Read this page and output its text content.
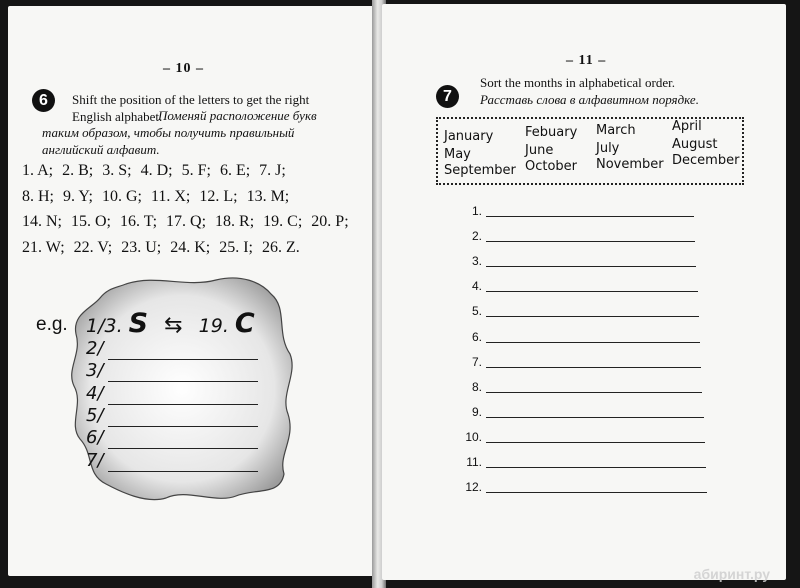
– 10 –
6	Shift the position of the letters to get the right English alphabet.
Поменяй расположение букв таким образом, чтобы получить правильный английский алфавит.
1. A; 2. B; 3. S; 4. D; 5. F; 6. E; 7. J;
8. H; 9. Y; 10. G; 11. X; 12. L; 13. M;
14. N; 15. O; 16. T; 17. Q; 18. R; 19. C; 20. P;
21. W; 22. V; 23. U; 24. K; 25. I; 26. Z.
e.g. 1/3. S ⇆ 19. C
2/
3/
4/
5/
6/
7/
– 11 –
7
Sort the months in alphabetical order.
Расставь слова в алфавитном порядке.
1.
2.
3.
4.
5.
6.
7.
8.
9.
10.
11.
12.
абиринт.ру
January Febuary March	April
May	June	July	August
September October November December
